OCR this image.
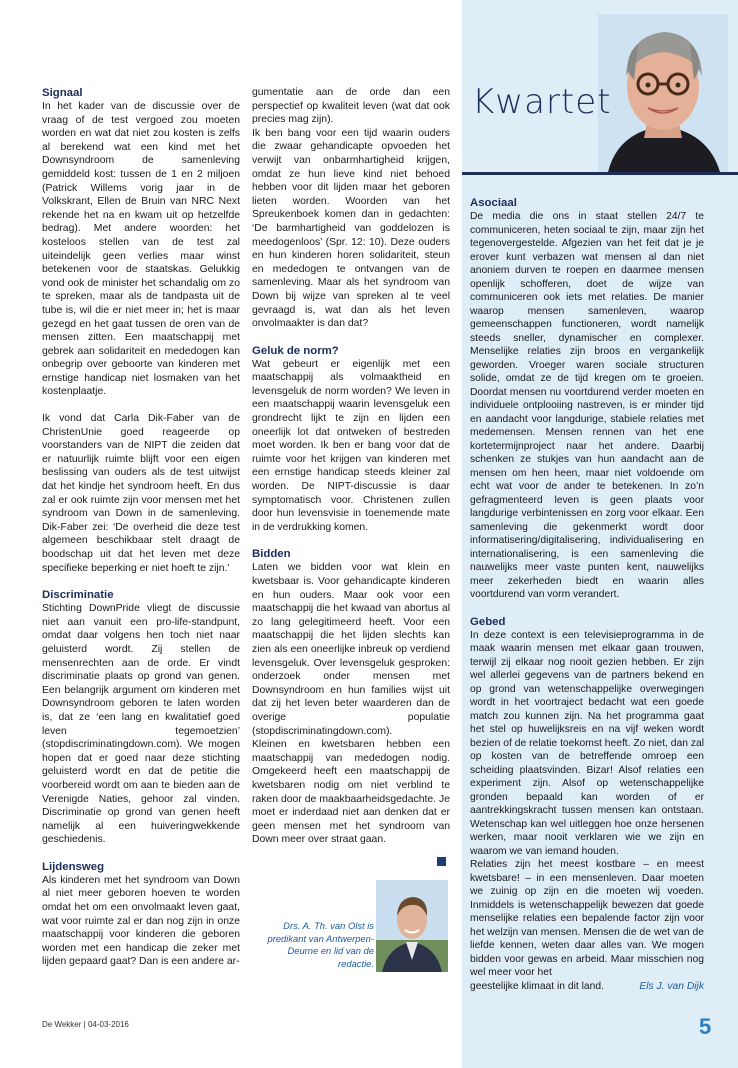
Kwartet
Signaal

In het kader van de discussie over de vraag of de test vergoed zou moeten worden en wat dat niet zou kosten is zelfs al berekend wat een kind met het Downsyndroom de samenleving gemiddeld kost: tussen de 1 en 2 miljoen (Patrick Willems vorig jaar in de Volkskrant, Ellen de Bruin van NRC Next rekende het na en kwam uit op hetzelfde bedrag). Met andere woorden: het kosteloos stellen van de test zal uiteindelijk geen verlies maar winst betekenen voor de staatskas. Gelukkig vond ook de minister het schandalig om zo te spreken, maar als de tandpasta uit de tube is, wil die er niet meer in; het is maar gezegd en het gaat tussen de oren van de mensen zitten. Een maatschappij met gebrek aan solidariteit en mededogen kan onbegrip over geboorte van kinderen met ernstige handicap niet losmaken van het kostenplaatje.

Ik vond dat Carla Dik-Faber van de ChristenUnie goed reageerde op voorstanders van de NIPT die zeiden dat er natuurlijk ruimte blijft voor een eigen beslissing van ouders als de test uitwijst dat het kindje het syndroom heeft. En dus zal er ook ruimte zijn voor mensen met het syndroom van Down in de samenleving. Dik-Faber zei: ‘De overheid die deze test algemeen beschikbaar stelt draagt de boodschap uit dat het leven met deze specifieke beperking er niet hoeft te zijn.’

Discriminatie

Stichting DownPride vliegt de discussie niet aan vanuit een pro-life-standpunt, omdat daar volgens hen toch niet naar geluisterd wordt. Zij stellen de mensenrechten aan de orde. Er vindt discriminatie plaats op grond van genen. Een belangrijk argument om kinderen met Downsyndroom geboren te laten worden is, dat ze ‘een lang en kwalitatief goed leven tegemoetzien’ (stopdiscriminatingdown.com). We mogen hopen dat er goed naar deze stichting geluisterd wordt en dat de petitie die voorbereid wordt om aan te bieden aan de Verenigde Naties, gehoor zal vinden. Discriminatie op grond van genen heeft namelijk al een huiveringwekkende geschiedenis.

Lijdensweg

Als kinderen met het syndroom van Down al niet meer geboren hoeven te worden omdat het om een onvolmaakt leven gaat, wat voor ruimte zal er dan nog zijn in onze maatschappij voor kinderen die geboren worden met een handicap die zeker met lijden gepaard gaat? Dan is een andere ar-

gumentatie aan de orde dan een perspectief op kwaliteit leven (wat dat ook precies mag zijn).

Ik ben bang voor een tijd waarin ouders die zwaar gehandicapte opvoeden het verwijt van onbarmhartigheid krijgen, omdat ze hun lieve kind niet behoed hebben voor dit lijden maar het geboren lieten worden. Woorden van het Spreukenboek komen dan in gedachten: ‘De barmhartigheid van goddelozen is meedogenloos’ (Spr. 12: 10). Deze ouders en hun kinderen horen solidariteit, steun en mededogen te ontvangen van de samenleving. Maar als het syndroom van Down bij wijze van spreken al te veel gevraagd is, wat dan als het leven onvolmaakter is dan dat?

Geluk de norm?

Wat gebeurt er eigenlijk met een maatschappij als volmaaktheid en levensgeluk de norm worden? We leven in een maatschappij waarin levensgeluk een grondrecht lijkt te zijn en lijden een oneerlijk lot dat ontweken of bestreden moet worden. Ik ben er bang voor dat de ruimte voor het krijgen van kinderen met een ernstige handicap steeds kleiner zal worden. De NIPT-discussie is daar symptomatisch voor. Christenen zullen door hun levensvisie in toenemende mate in de verdrukking komen.

Bidden

Laten we bidden voor wat klein en kwetsbaar is. Voor gehandicapte kinderen en hun ouders. Maar ook voor een maatschappij die het kwaad van abortus al zo lang gelegitimeerd heeft. Voor een maatschappij die het lijden slechts kan zien als een oneerlijke inbreuk op verdiend levensgeluk. Over levensgeluk gesproken: onderzoek onder mensen met Downsyndroom en hun families wijst uit dat zij het leven beter waarderen dan de overige populatie (stopdiscriminatingdown.com).

Kleinen en kwetsbaren hebben een maatschappij van mededogen nodig. Omgekeerd heeft een maatschappij de kwetsbaren nodig om niet verblind te raken door de maakbaarheidsgedachte. Je moet er inderdaad niet aan denken dat er geen mensen met het syndroom van Down meer over straat gaan.

Drs. A. Th. van Olst is predikant van Antwerpen-Deurne en lid van de redactie.
Asociaal

De media die ons in staat stellen 24/7 te communiceren, heten sociaal te zijn, maar zijn het tegenovergestelde. Afgezien van het feit dat je je erover kunt verbazen wat mensen al dan niet anoniem durven te roepen en daarmee mensen openlijk schofferen, doet de wijze van communiceren ook iets met relaties. De manier waarop mensen samenleven, waarop gemeenschappen functioneren, wordt namelijk steeds sneller, dynamischer en complexer. Menselijke relaties zijn broos en vergankelijk geworden. Vroeger waren sociale structuren solide, omdat ze de tijd kregen om te groeien. Doordat mensen nu voortdurend verder moeten en individuele ontplooiing nastreven, is er minder tijd en aandacht voor langdurige, stabiele relaties met medemensen. Mensen rennen van het ene kortetermijnproject naar het andere. Daarbij schenken ze stukjes van hun aandacht aan de mensen om hen heen, maar niet voldoende om echt wat voor de ander te betekenen. In zo’n gefragmenteerd leven is geen plaats voor langdurige verbintenissen en zorg voor elkaar. Een samenleving die gekenmerkt wordt door informatisering/digitalisering, individualisering en internationalisering, is een samenleving die nauwelijks meer vaste punten kent, nauwelijks meer zekerheden biedt en waarin alles voortdurend van vorm verandert.

Gebed

In deze context is een televisieprogramma in de maak waarin mensen met elkaar gaan trouwen, terwijl zij elkaar nog nooit gezien hebben. Er zijn wel allerlei gegevens van de partners bekend en op grond van wetenschappelijke overwegingen wordt in het voortraject bedacht wat een goede match zou kunnen zijn. Na het programma gaat het stel op huwelijksreis en na vijf weken wordt bezien of de relatie toekomst heeft. Zo niet, dan zal op kosten van de betreffende omroep een scheiding plaatsvinden. Bizar! Alsof relaties een experiment zijn. Alsof op wetenschappelijke gronden bepaald kan worden of er aantrekkingskracht tussen mensen kan ontstaan. Wetenschap kan wel uitleggen hoe onze hersenen werken, maar nooit verklaren wie we zijn en waarom we van iemand houden.

Relaties zijn het meest kostbare – en meest kwetsbare! – in een mensenleven. Daar moeten we zuinig op zijn en die moeten wij voeden. Inmiddels is wetenschappelijk bewezen dat goede menselijke relaties een bepalende factor zijn voor het welzijn van mensen. Mensen die de wet van de liefde kennen, weten daar alles van. We mogen bidden voor gewas en arbeid. Maar misschien nog wel meer voor het

geestelijke klimaat in dit land.	Els J. van Dijk
De Wekker | 04-03-2016	5
